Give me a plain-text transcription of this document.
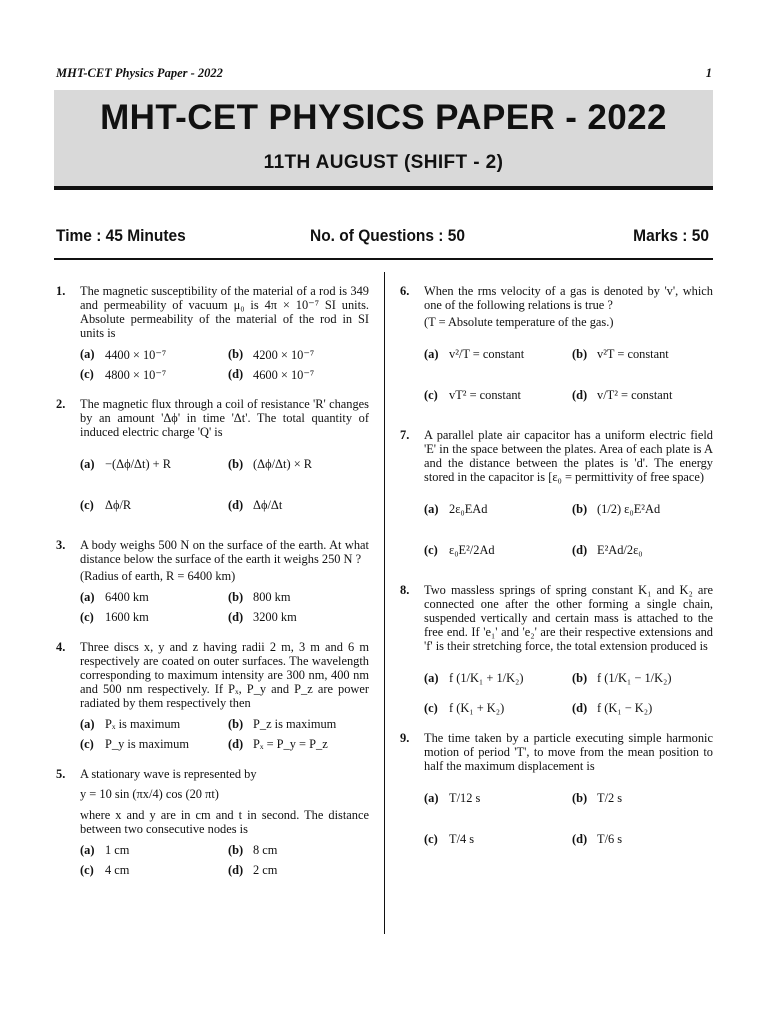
MHT-CET Physics Paper - 2022	1
MHT-CET PHYSICS PAPER - 2022
11TH AUGUST (SHIFT - 2)
Time : 45 Minutes	No. of Questions : 50	Marks : 50
1. The magnetic susceptibility of the material of a rod is 349 and permeability of vacuum μ₀ is 4π × 10⁻⁷ SI units. Absolute permeability of the material of the rod in SI units is
(a) 4400 × 10⁻⁷	(b) 4200 × 10⁻⁷
(c) 4800 × 10⁻⁷	(d) 4600 × 10⁻⁷
2. The magnetic flux through a coil of resistance 'R' changes by an amount 'Δϕ' in time 'Δt'. The total quantity of induced electric charge 'Q' is
(a) −(Δϕ/Δt) + R	(b) (Δϕ/Δt) × R
(c) Δϕ/R	(d) Δϕ/Δt
3. A body weighs 500 N on the surface of the earth. At what distance below the surface of the earth it weighs 250 N ?
(Radius of earth, R = 6400 km)
(a) 6400 km	(b) 800 km
(c) 1600 km	(d) 3200 km
4. Three discs x, y and z having radii 2 m, 3 m and 6 m respectively are coated on outer surfaces. The wavelength corresponding to maximum intensity are 300 nm, 400 nm and 500 nm respectively. If Pₓ, P_y and P_z are power radiated by them respectively then
(a) Pₓ is maximum	(b) P_z is maximum
(c) P_y is maximum	(d) Pₓ = P_y = P_z
5. A stationary wave is represented by
y = 10 sin (πx/4) cos (20 πt)
where x and y are in cm and t in second. The distance between two consecutive nodes is
(a) 1 cm	(b) 8 cm
(c) 4 cm	(d) 2 cm
6. When the rms velocity of a gas is denoted by 'v', which one of the following relations is true ?
(T = Absolute temperature of the gas.)
(a) v²/T = constant	(b) v²T = constant
(c) vT² = constant	(d) v/T² = constant
7. A parallel plate air capacitor has a uniform electric field 'E' in the space between the plates. Area of each plate is A and the distance between the plates is 'd'. The energy stored in the capacitor is [ε₀ = permittivity of free space)
(a) 2ε₀EAd	(b) (1/2) ε₀E²Ad
(c) ε₀E²/2Ad	(d) E²Ad/2ε₀
8. Two massless springs of spring constant K₁ and K₂ are connected one after the other forming a single chain, suspended vertically and certain mass is attached to the free end. If 'e₁' and 'e₂' are their respective extensions and 'f' is their stretching force, the total extension produced is
(a) f (1/K₁ + 1/K₂)	(b) f (1/K₁ − 1/K₂)
(c) f (K₁ + K₂)	(d) f (K₁ − K₂)
9. The time taken by a particle executing simple harmonic motion of period 'T', to move from the mean position to half the maximum displacement is
(a) T/12 s	(b) T/2 s
(c) T/4 s	(d) T/6 s
